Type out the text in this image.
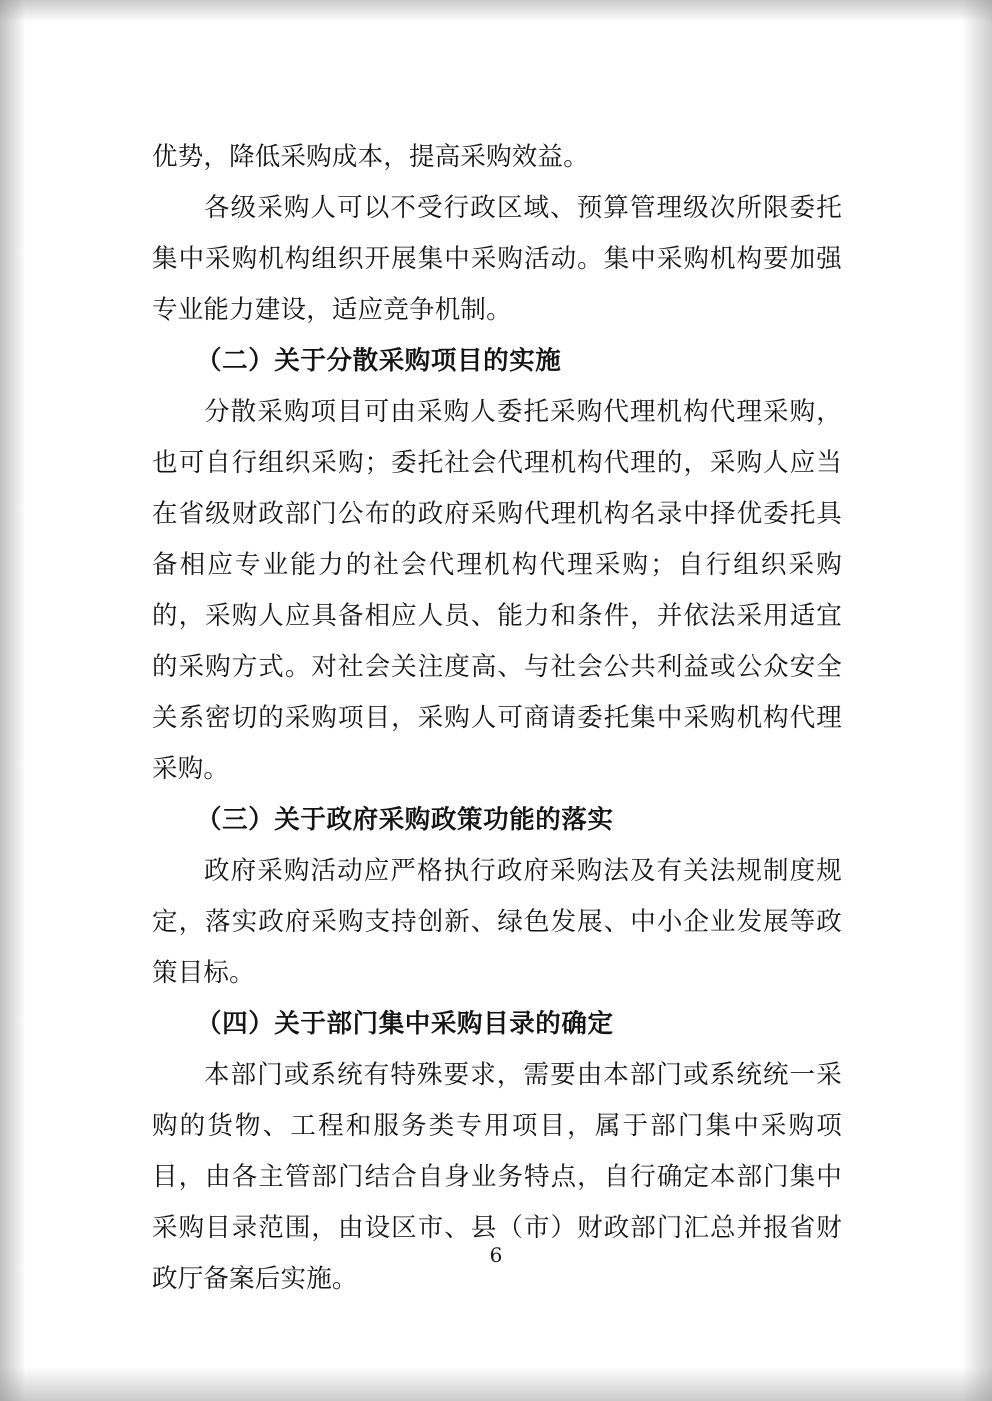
优势，降低采购成本，提高采购效益。

各级采购人可以不受行政区域、预算管理级次所限委托集中采购机构组织开展集中采购活动。集中采购机构要加强专业能力建设，适应竞争机制。

（二）关于分散采购项目的实施

分散采购项目可由采购人委托采购代理机构代理采购，也可自行组织采购；委托社会代理机构代理的，采购人应当在省级财政部门公布的政府采购代理机构名录中择优委托具备相应专业能力的社会代理机构代理采购；自行组织采购的，采购人应具备相应人员、能力和条件，并依法采用适宜的采购方式。对社会关注度高、与社会公共利益或公众安全关系密切的采购项目，采购人可商请委托集中采购机构代理采购。

（三）关于政府采购政策功能的落实

政府采购活动应严格执行政府采购法及有关法规制度规定，落实政府采购支持创新、绿色发展、中小企业发展等政策目标。

（四）关于部门集中采购目录的确定

本部门或系统有特殊要求，需要由本部门或系统统一采购的货物、工程和服务类专用项目，属于部门集中采购项目，由各主管部门结合自身业务特点，自行确定本部门集中采购目录范围，由设区市、县（市）财政部门汇总并报省财政厅备案后实施。

6
